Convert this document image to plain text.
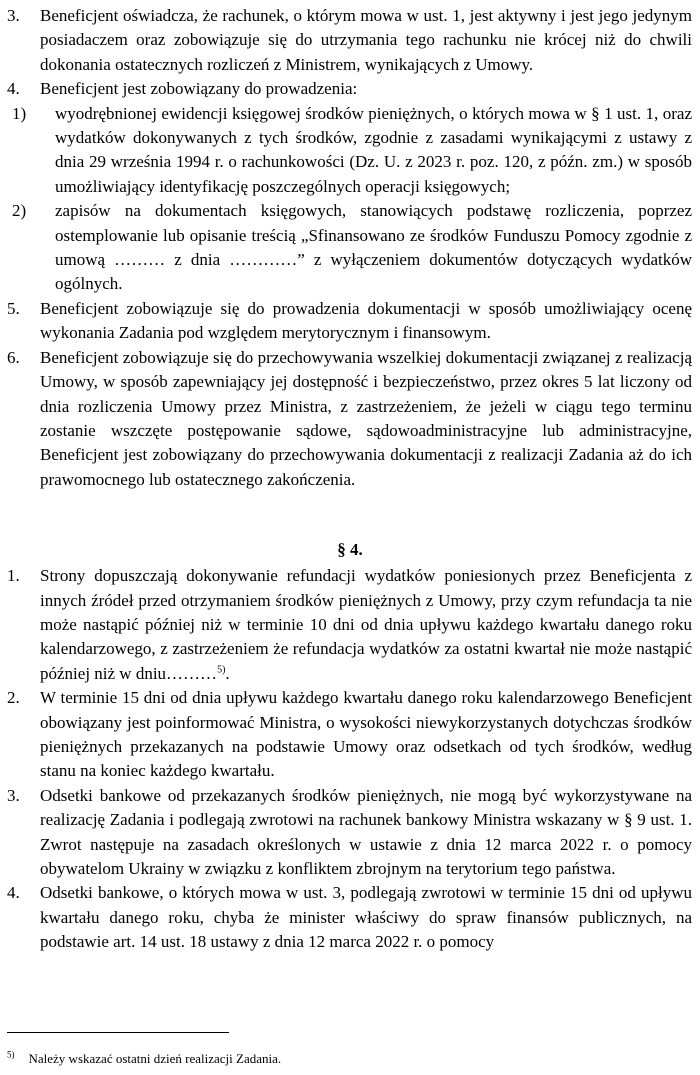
3. Beneficjent oświadcza, że rachunek, o którym mowa w ust. 1, jest aktywny i jest jego jedynym posiadaczem oraz zobowiązuje się do utrzymania tego rachunku nie krócej niż do chwili dokonania ostatecznych rozliczeń z Ministrem, wynikających z Umowy.
4. Beneficjent jest zobowiązany do prowadzenia:
1) wyodrębnionej ewidencji księgowej środków pieniężnych, o których mowa w § 1 ust. 1, oraz wydatków dokonywanych z tych środków, zgodnie z zasadami wynikającymi z ustawy z dnia 29 września 1994 r. o rachunkowości (Dz. U. z 2023 r. poz. 120, z późn. zm.) w sposób umożliwiający identyfikację poszczególnych operacji księgowych;
2) zapisów na dokumentach księgowych, stanowiących podstawę rozliczenia, poprzez ostemplowanie lub opisanie treścią „Sfinansowano ze środków Funduszu Pomocy zgodnie z umową ……… z dnia …………” z wyłączeniem dokumentów dotyczących wydatków ogólnych.
5. Beneficjent zobowiązuje się do prowadzenia dokumentacji w sposób umożliwiający ocenę wykonania Zadania pod względem merytorycznym i finansowym.
6. Beneficjent zobowiązuje się do przechowywania wszelkiej dokumentacji związanej z realizacją Umowy, w sposób zapewniający jej dostępność i bezpieczeństwo, przez okres 5 lat liczony od dnia rozliczenia Umowy przez Ministra, z zastrzeżeniem, że jeżeli w ciągu tego terminu zostanie wszczęte postępowanie sądowe, sądowoadministracyjne lub administracyjne, Beneficjent jest zobowiązany do przechowywania dokumentacji z realizacji Zadania aż do ich prawomocnego lub ostatecznego zakończenia.
§ 4.
1. Strony dopuszczają dokonywanie refundacji wydatków poniesionych przez Beneficjenta z innych źródeł przed otrzymaniem środków pieniężnych z Umowy, przy czym refundacja ta nie może nastąpić później niż w terminie 10 dni od dnia upływu każdego kwartału danego roku kalendarzowego, z zastrzeżeniem że refundacja wydatków za ostatni kwartał nie może nastąpić później niż w dniu………$^{5)}$.
2. W terminie 15 dni od dnia upływu każdego kwartału danego roku kalendarzowego Beneficjent obowiązany jest poinformować Ministra, o wysokości niewykorzystanych dotychczas środków pieniężnych przekazanych na podstawie Umowy oraz odsetkach od tych środków, według stanu na koniec każdego kwartału.
3. Odsetki bankowe od przekazanych środków pieniężnych, nie mogą być wykorzystywane na realizację Zadania i podlegają zwrotowi na rachunek bankowy Ministra wskazany w § 9 ust. 1. Zwrot następuje na zasadach określonych w ustawie z dnia 12 marca 2022 r. o pomocy obywatelom Ukrainy w związku z konfliktem zbrojnym na terytorium tego państwa.
4. Odsetki bankowe, o których mowa w ust. 3, podlegają zwrotowi w terminie 15 dni od upływu kwartału danego roku, chyba że minister właściwy do spraw finansów publicznych, na podstawie art. 14 ust. 18 ustawy z dnia 12 marca 2022 r. o pomocy
$^{5)}$ Należy wskazać ostatni dzień realizacji Zadania.
